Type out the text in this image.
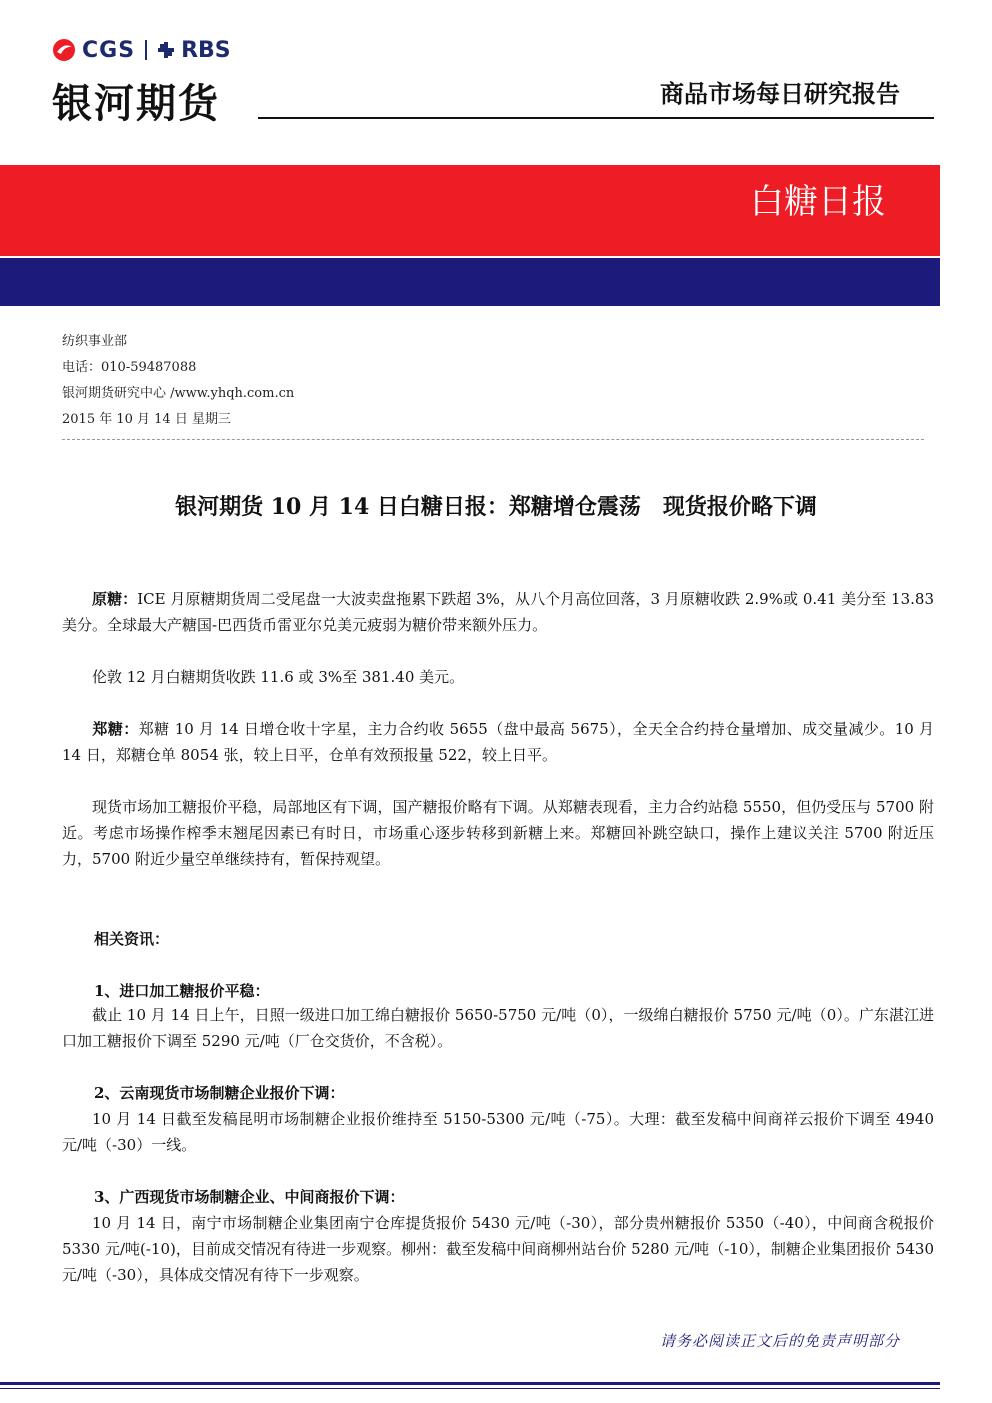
CGS RBS
银河期货	商品市场每日研究报告
白糖日报
纺织事业部
电话：010-59487088
银河期货研究中心 /www.yhqh.com.cn
2015 年 10 月 14 日 星期三
银河期货 10 月 14 日白糖日报：郑糖增仓震荡　现货报价略下调
原糖：ICE 月原糖期货周二受尾盘一大波卖盘拖累下跌超 3%，从八个月高位回落，3 月原糖收跌 2.9%或 0.41 美分至 13.83 美分。全球最大产糖国-巴西货币雷亚尔兑美元疲弱为糖价带来额外压力。
伦敦 12 月白糖期货收跌 11.6 或 3%至 381.40 美元。
郑糖：郑糖 10 月 14 日增仓收十字星，主力合约收 5655（盘中最高 5675），全天全合约持仓量增加、成交量减少。10 月 14 日，郑糖仓单 8054 张，较上日平，仓单有效预报量 522，较上日平。
现货市场加工糖报价平稳，局部地区有下调，国产糖报价略有下调。从郑糖表现看，主力合约站稳 5550，但仍受压与 5700 附近。考虑市场操作榨季末翘尾因素已有时日，市场重心逐步转移到新糖上来。郑糖回补跳空缺口，操作上建议关注 5700 附近压力，5700 附近少量空单继续持有，暂保持观望。
相关资讯：
1、进口加工糖报价平稳：
截止 10 月 14 日上午，日照一级进口加工绵白糖报价 5650-5750 元/吨（0），一级绵白糖报价 5750 元/吨（0）。广东湛江进口加工糖报价下调至 5290 元/吨（厂仓交货价，不含税）。
2、云南现货市场制糖企业报价下调：
10 月 14 日截至发稿昆明市场制糖企业报价维持至 5150-5300 元/吨（-75）。大理：截至发稿中间商祥云报价下调至 4940 元/吨（-30）一线。
3、广西现货市场制糖企业、中间商报价下调：
10 月 14 日，南宁市场制糖企业集团南宁仓库提货报价 5430 元/吨（-30），部分贵州糖报价 5350（-40），中间商含税报价 5330 元/吨(-10)，目前成交情况有待进一步观察。柳州：截至发稿中间商柳州站台价 5280 元/吨（-10），制糖企业集团报价 5430 元/吨（-30），具体成交情况有待下一步观察。
请务必阅读正文后的免责声明部分
